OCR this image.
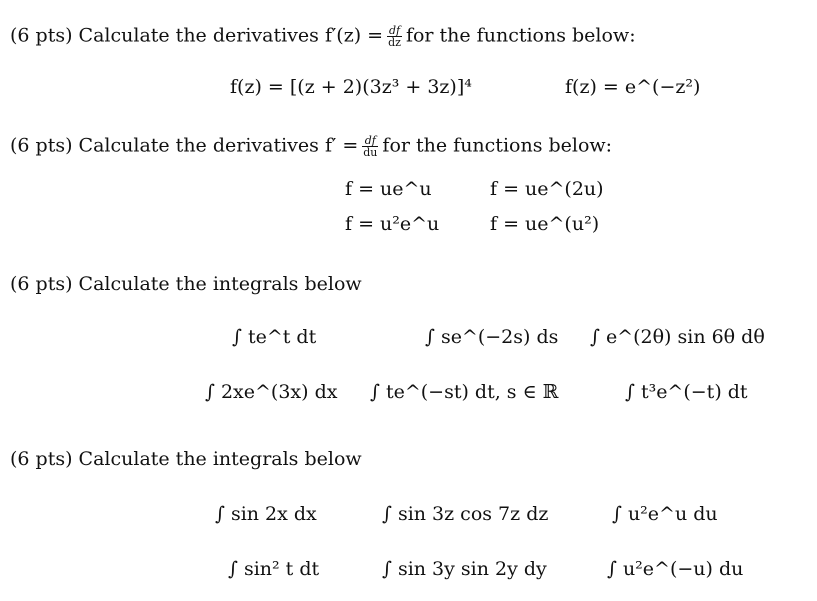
(6 pts) Calculate the derivatives $f'(z) = \frac{df}{dz}$ for the functions below:
f(z) = [(z + 2)(3z³ + 3z)]⁴	f(z) = e^(−z²)
(6 pts) Calculate the derivatives $f' = \frac{df}{du}$ for the functions below:
f = ue^u	f = ue^(2u)
f = u²e^u	f = ue^(u²)
(6 pts) Calculate the integrals below
∫ te^t dt	∫ se^(−2s) ds ∫ e^(2θ) sin 6θ dθ
∫ 2xe^(3x) dx ∫ te^(−st) dt, s ∈ ℝ	∫ t³e^(−t) dt
(6 pts) Calculate the integrals below
∫ sin 2x dx	∫ sin 3z cos 7z dz	∫ u²e^u du
∫ sin² t dt	∫ sin 3y sin 2y dy	∫ u²e^(−u) du
